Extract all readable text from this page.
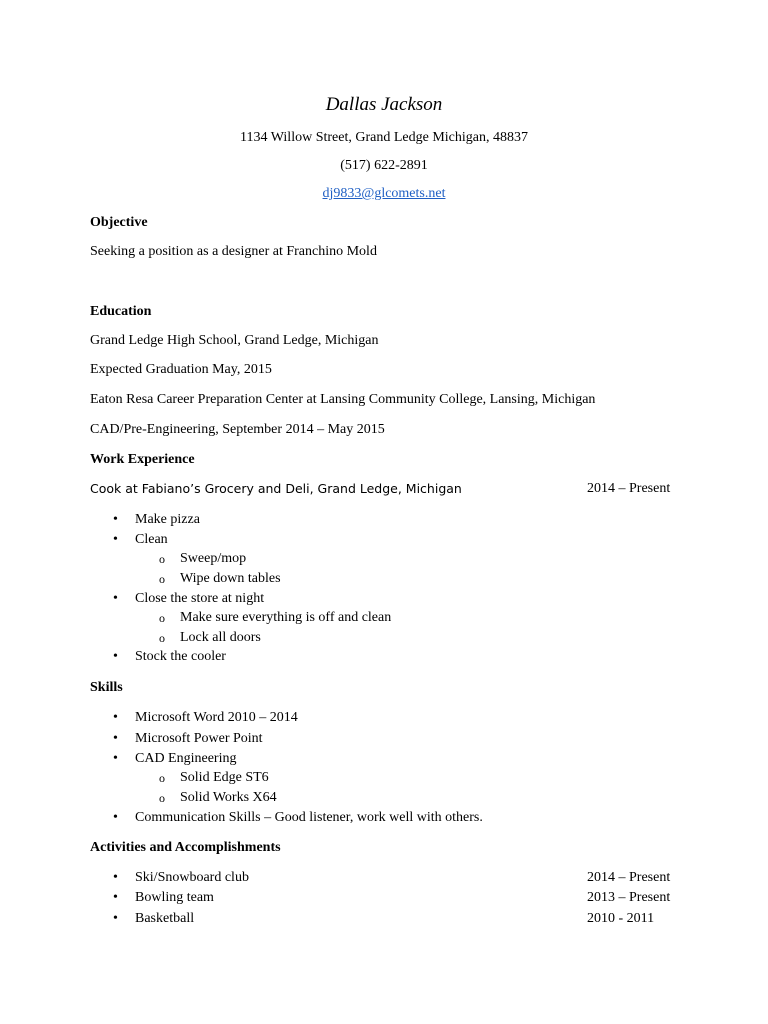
Dallas Jackson
1134 Willow Street, Grand Ledge Michigan, 48837
(517) 622-2891
dj9833@glcomets.net
Objective
Seeking a position as a designer at Franchino Mold
Education
Grand Ledge High School, Grand Ledge, Michigan
Expected Graduation May, 2015
Eaton Resa Career Preparation Center at Lansing Community College, Lansing, Michigan
CAD/Pre-Engineering, September 2014 – May 2015
Work Experience
Cook at Fabiano’s Grocery and Deli, Grand Ledge, Michigan	2014 – Present
• Make pizza
• Clean
o Sweep/mop
o Wipe down tables
• Close the store at night
o Make sure everything is off and clean
o Lock all doors
• Stock the cooler
Skills
• Microsoft Word 2010 – 2014
• Microsoft Power Point
• CAD Engineering
o Solid Edge ST6
o Solid Works X64
• Communication Skills – Good listener, work well with others.
Activities and Accomplishments
• Ski/Snowboard club	2014 – Present
• Bowling team	2013 – Present
• Basketball	2010 - 2011
